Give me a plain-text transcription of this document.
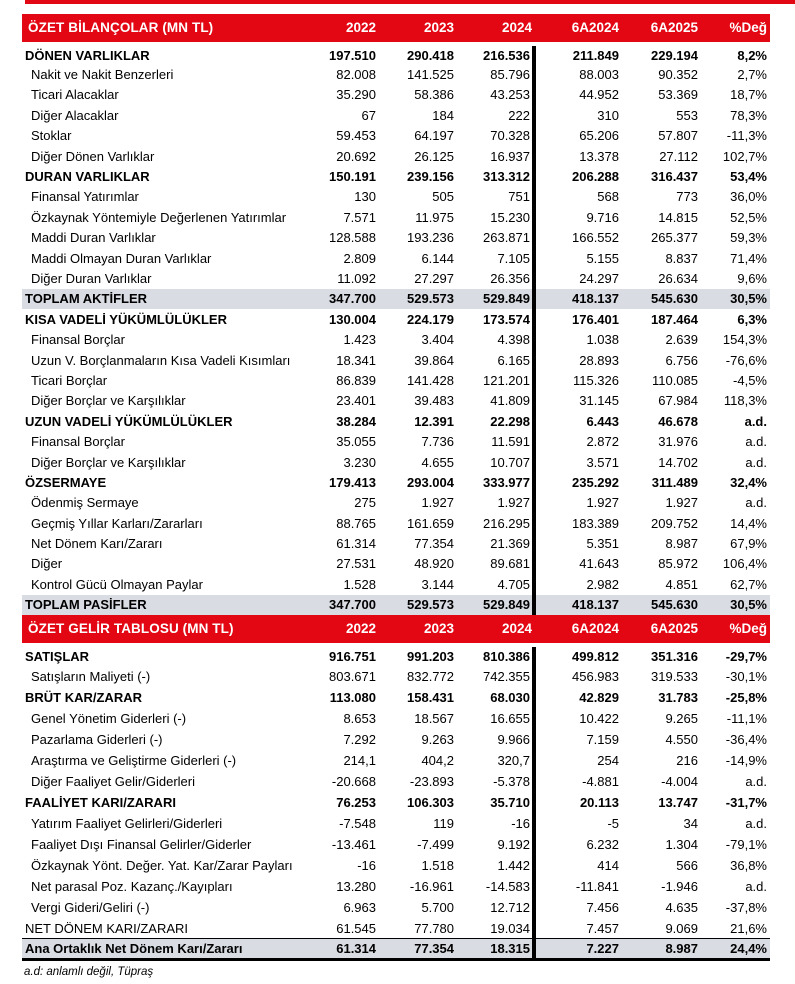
ÖZET BİLANÇOLAR (MN TL)	2022	2023	2024	6A2024	6A2025	%Değ
DÖNEN VARLIKLAR	197.510	290.418	216.536	211.849	229.194	8,2%
Nakit ve Nakit Benzerleri	82.008	141.525	85.796	88.003	90.352	2,7%
Ticari Alacaklar	35.290	58.386	43.253	44.952	53.369	18,7%
Diğer Alacaklar	67	184	222	310	553	78,3%
Stoklar	59.453	64.197	70.328	65.206	57.807	-11,3%
Diğer Dönen Varlıklar	20.692	26.125	16.937	13.378	27.112	102,7%
DURAN VARLIKLAR	150.191	239.156	313.312	206.288	316.437	53,4%
Finansal Yatırımlar	130	505	751	568	773	36,0%
Özkaynak Yöntemiyle Değerlenen Yatırımlar	7.571	11.975	15.230	9.716	14.815	52,5%
Maddi Duran Varlıklar	128.588	193.236	263.871	166.552	265.377	59,3%
Maddi Olmayan Duran Varlıklar	2.809	6.144	7.105	5.155	8.837	71,4%
Diğer Duran Varlıklar	11.092	27.297	26.356	24.297	26.634	9,6%
TOPLAM AKTİFLER	347.700	529.573	529.849	418.137	545.630	30,5%
KISA VADELİ YÜKÜMLÜLÜKLER	130.004	224.179	173.574	176.401	187.464	6,3%
Finansal Borçlar	1.423	3.404	4.398	1.038	2.639	154,3%
Uzun V. Borçlanmaların Kısa Vadeli Kısımları	18.341	39.864	6.165	28.893	6.756	-76,6%
Ticari Borçlar	86.839	141.428	121.201	115.326	110.085	-4,5%
Diğer Borçlar ve Karşılıklar	23.401	39.483	41.809	31.145	67.984	118,3%
UZUN VADELİ YÜKÜMLÜLÜKLER	38.284	12.391	22.298	6.443	46.678	a.d.
Finansal Borçlar	35.055	7.736	11.591	2.872	31.976	a.d.
Diğer Borçlar ve Karşılıklar	3.230	4.655	10.707	3.571	14.702	a.d.
ÖZSERMAYE	179.413	293.004	333.977	235.292	311.489	32,4%
Ödenmiş Sermaye	275	1.927	1.927	1.927	1.927	a.d.
Geçmiş Yıllar Karları/Zararları	88.765	161.659	216.295	183.389	209.752	14,4%
Net Dönem Karı/Zararı	61.314	77.354	21.369	5.351	8.987	67,9%
Diğer	27.531	48.920	89.681	41.643	85.972	106,4%
Kontrol Gücü Olmayan Paylar	1.528	3.144	4.705	2.982	4.851	62,7%
TOPLAM PASİFLER	347.700	529.573	529.849	418.137	545.630	30,5%
ÖZET GELİR TABLOSU (MN TL)	2022	2023	2024	6A2024	6A2025	%Değ
SATIŞLAR	916.751	991.203	810.386	499.812	351.316	-29,7%
Satışların Maliyeti (-)	803.671	832.772	742.355	456.983	319.533	-30,1%
BRÜT KAR/ZARAR	113.080	158.431	68.030	42.829	31.783	-25,8%
Genel Yönetim Giderleri (-)	8.653	18.567	16.655	10.422	9.265	-11,1%
Pazarlama Giderleri (-)	7.292	9.263	9.966	7.159	4.550	-36,4%
Araştırma ve Geliştirme Giderleri (-)	214,1	404,2	320,7	254	216	-14,9%
Diğer Faaliyet Gelir/Giderleri	-20.668	-23.893	-5.378	-4.881	-4.004	a.d.
FAALİYET KARI/ZARARI	76.253	106.303	35.710	20.113	13.747	-31,7%
Yatırım Faaliyet Gelirleri/Giderleri	-7.548	119	-16	-5	34	a.d.
Faaliyet Dışı Finansal Gelirler/Giderler	-13.461	-7.499	9.192	6.232	1.304	-79,1%
Özkaynak Yönt. Değer. Yat. Kar/Zarar Payları	-16	1.518	1.442	414	566	36,8%
Net parasal Poz. Kazanç./Kayıpları	13.280	-16.961	-14.583	-11.841	-1.946	a.d.
Vergi Gideri/Geliri (-)	6.963	5.700	12.712	7.456	4.635	-37,8%
NET DÖNEM KARI/ZARARI	61.545	77.780	19.034	7.457	9.069	21,6%
Ana Ortaklık Net Dönem Karı/Zararı	61.314	77.354	18.315	7.227	8.987	24,4%
a.d: anlamlı değil, Tüpraş
